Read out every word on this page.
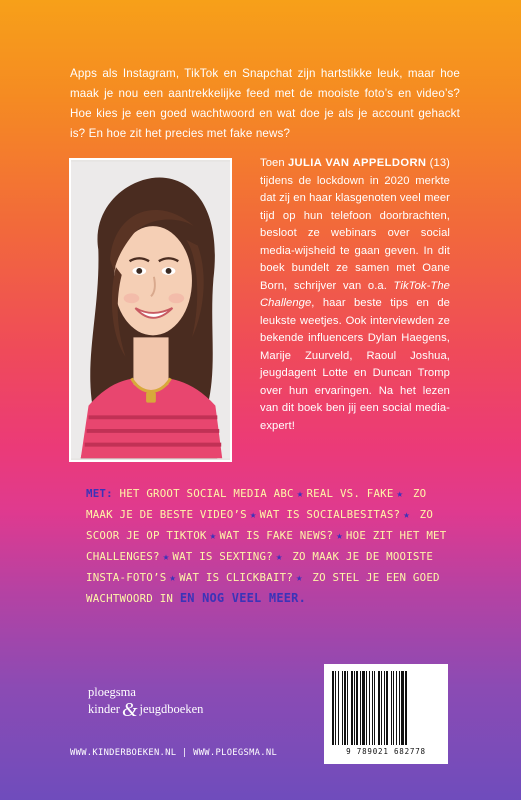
Apps als Instagram, TikTok en Snapchat zijn hartstikke leuk, maar hoe maak je nou een aantrekkelijke feed met de mooiste foto’s en video’s? Hoe kies je een goed wachtwoord en wat doe je als je account gehackt is? En hoe zit het precies met fake news?

Toen JULIA VAN APPELDORN (13) tijdens de lockdown in 2020 merkte dat zij en haar klasgenoten veel meer tijd op hun telefoon doorbrachten, besloot ze webinars over social media-wijsheid te gaan geven. In dit boek bundelt ze samen met Oane Born, schrijver van o.a. TikTok-The Challenge, haar beste tips en de leukste weetjes. Ook interviewden ze bekende influencers Dylan Haegens, Marije Zuurveld, Raoul Joshua, jeugdagent Lotte en Duncan Tromp over hun ervaringen. Na het lezen van dit boek ben jij een social media-expert!

MET: HET GROOT SOCIAL MEDIA ABC ★ REAL VS. FAKE ★ ZO MAAK JE DE BESTE VIDEO’S ★ WAT IS SOCIALBESITAS? ★ ZO SCOOR JE OP TIKTOK ★ WAT IS FAKE NEWS? ★ HOE ZIT HET MET CHALLENGES? ★ WAT IS SEXTING? ★ ZO MAAK JE DE MOOISTE INSTA-FOTO’S ★ WAT IS CLICKBAIT? ★ ZO STEL JE EEN GOED WACHTWOORD IN EN NOG VEEL MEER.

ploegsma
kinder & jeugdboeken
WWW.KINDERBOEKEN.NL | WWW.PLOEGSMA.NL	9 789021 682778
